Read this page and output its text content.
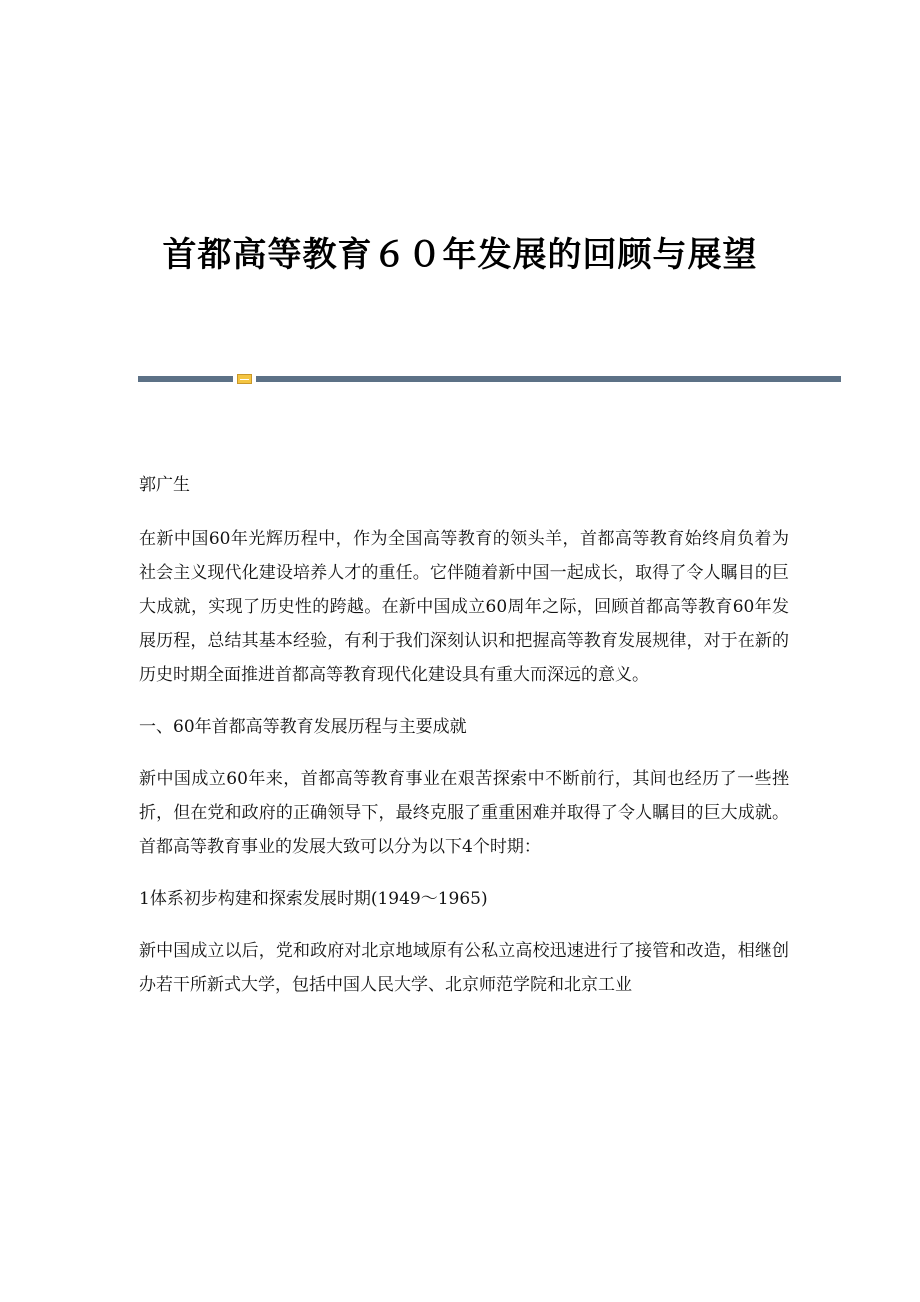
首都高等教育６０年发展的回顾与展望

郭广生

在新中国60年光辉历程中，作为全国高等教育的领头羊，首都高等教育始终肩负着为社会主义现代化建设培养人才的重任。它伴随着新中国一起成长，取得了令人瞩目的巨大成就，实现了历史性的跨越。在新中国成立60周年之际，回顾首都高等教育60年发展历程，总结其基本经验，有利于我们深刻认识和把握高等教育发展规律，对于在新的历史时期全面推进首都高等教育现代化建设具有重大而深远的意义。

一、60年首都高等教育发展历程与主要成就

新中国成立60年来，首都高等教育事业在艰苦探索中不断前行，其间也经历了一些挫折，但在党和政府的正确领导下，最终克服了重重困难并取得了令人瞩目的巨大成就。首都高等教育事业的发展大致可以分为以下4个时期：

1体系初步构建和探索发展时期(1949～1965)

新中国成立以后，党和政府对北京地域原有公私立高校迅速进行了接管和改造，相继创办若干所新式大学，包括中国人民大学、北京师范学院和北京工业
